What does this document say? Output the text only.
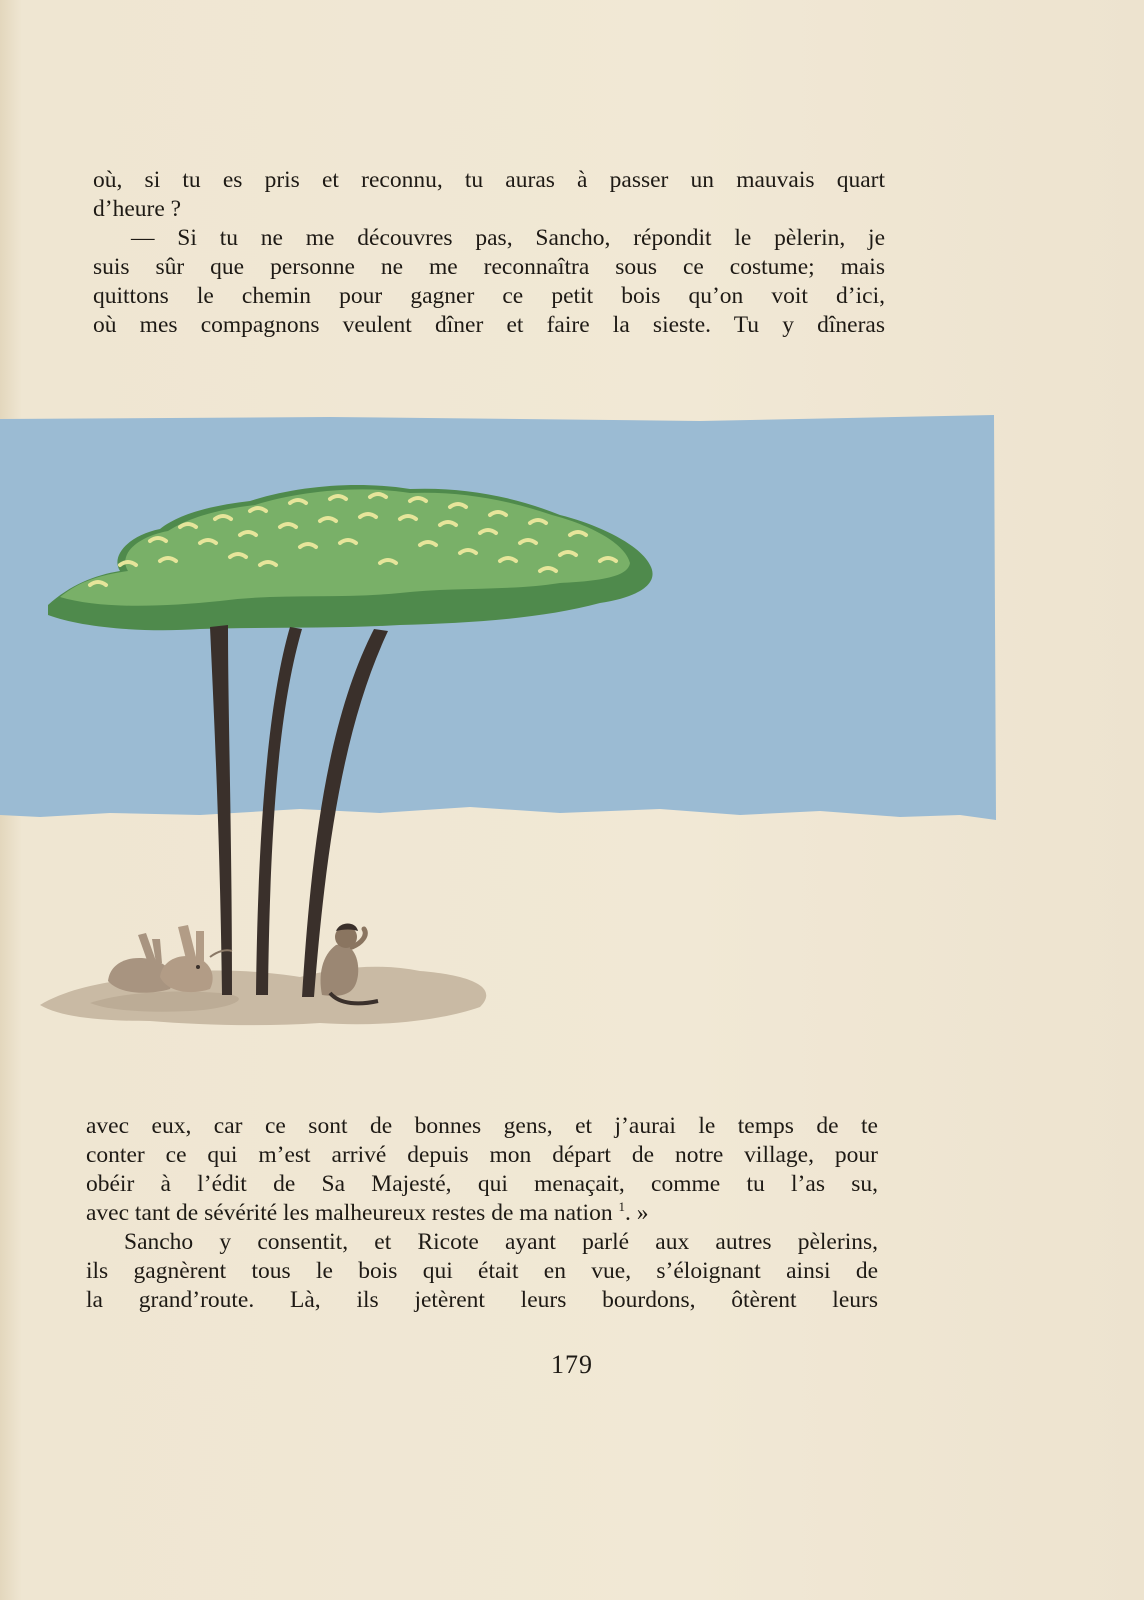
où, si tu es pris et reconnu, tu auras à passer un mauvais quart
d’heure ?
— Si tu ne me découvres pas, Sancho, répondit le pèlerin, je
suis sûr que personne ne me reconnaîtra sous ce costume; mais
quittons le chemin pour gagner ce petit bois qu’on voit d’ici,
où mes compagnons veulent dîner et faire la sieste. Tu y dîneras
avec eux, car ce sont de bonnes gens, et j’aurai le temps de te
conter ce qui m’est arrivé depuis mon départ de notre village, pour
obéir à l’édit de Sa Majesté, qui menaçait, comme tu l’as su,
avec tant de sévérité les malheureux restes de ma nation $^1$. »
Sancho y consentit, et Ricote ayant parlé aux autres pèlerins,
ils gagnèrent tous le bois qui était en vue, s’éloignant ainsi de
la grand’route. Là, ils jetèrent leurs bourdons, ôtèrent leurs
179
